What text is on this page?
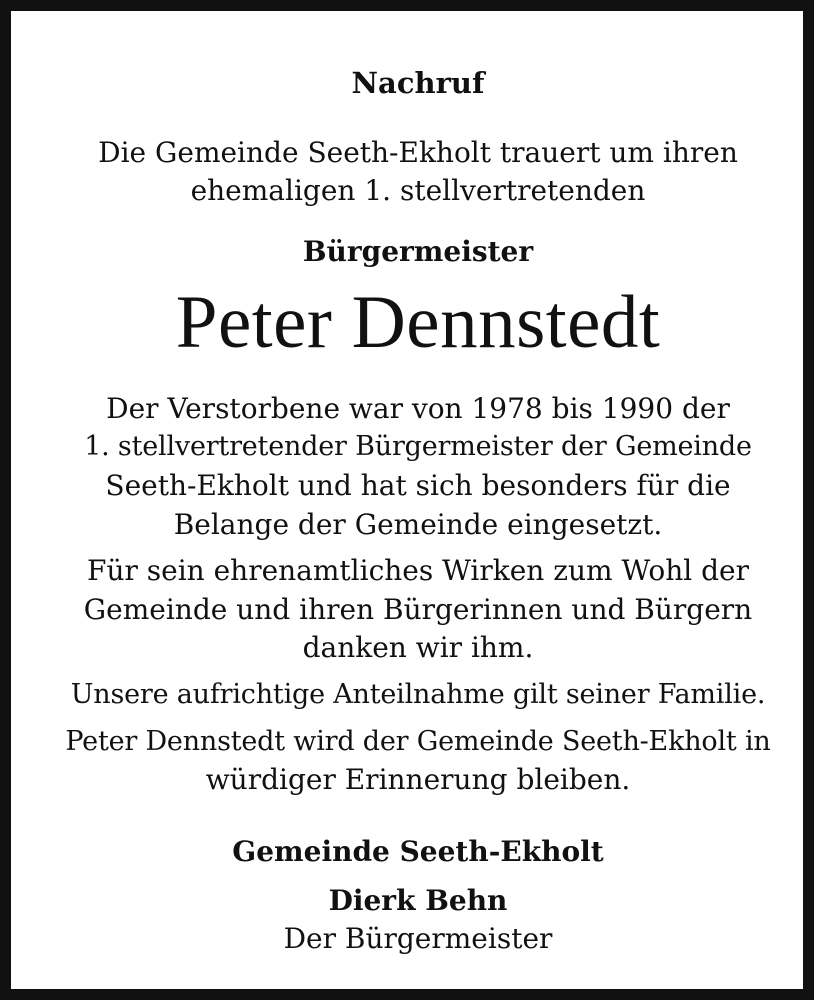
Nachruf
Die Gemeinde Seeth-Ekholt trauert um ihren
ehemaligen 1. stellvertretenden
Bürgermeister
Peter Dennstedt
Der Verstorbene war von 1978 bis 1990 der
1. stellvertretender Bürgermeister der Gemeinde
Seeth-Ekholt und hat sich besonders für die
Belange der Gemeinde eingesetzt.
Für sein ehrenamtliches Wirken zum Wohl der
Gemeinde und ihren Bürgerinnen und Bürgern
danken wir ihm.
Unsere aufrichtige Anteilnahme gilt seiner Familie.
Peter Dennstedt wird der Gemeinde Seeth-Ekholt in
würdiger Erinnerung bleiben.
Gemeinde Seeth-Ekholt
Dierk Behn
Der Bürgermeister
